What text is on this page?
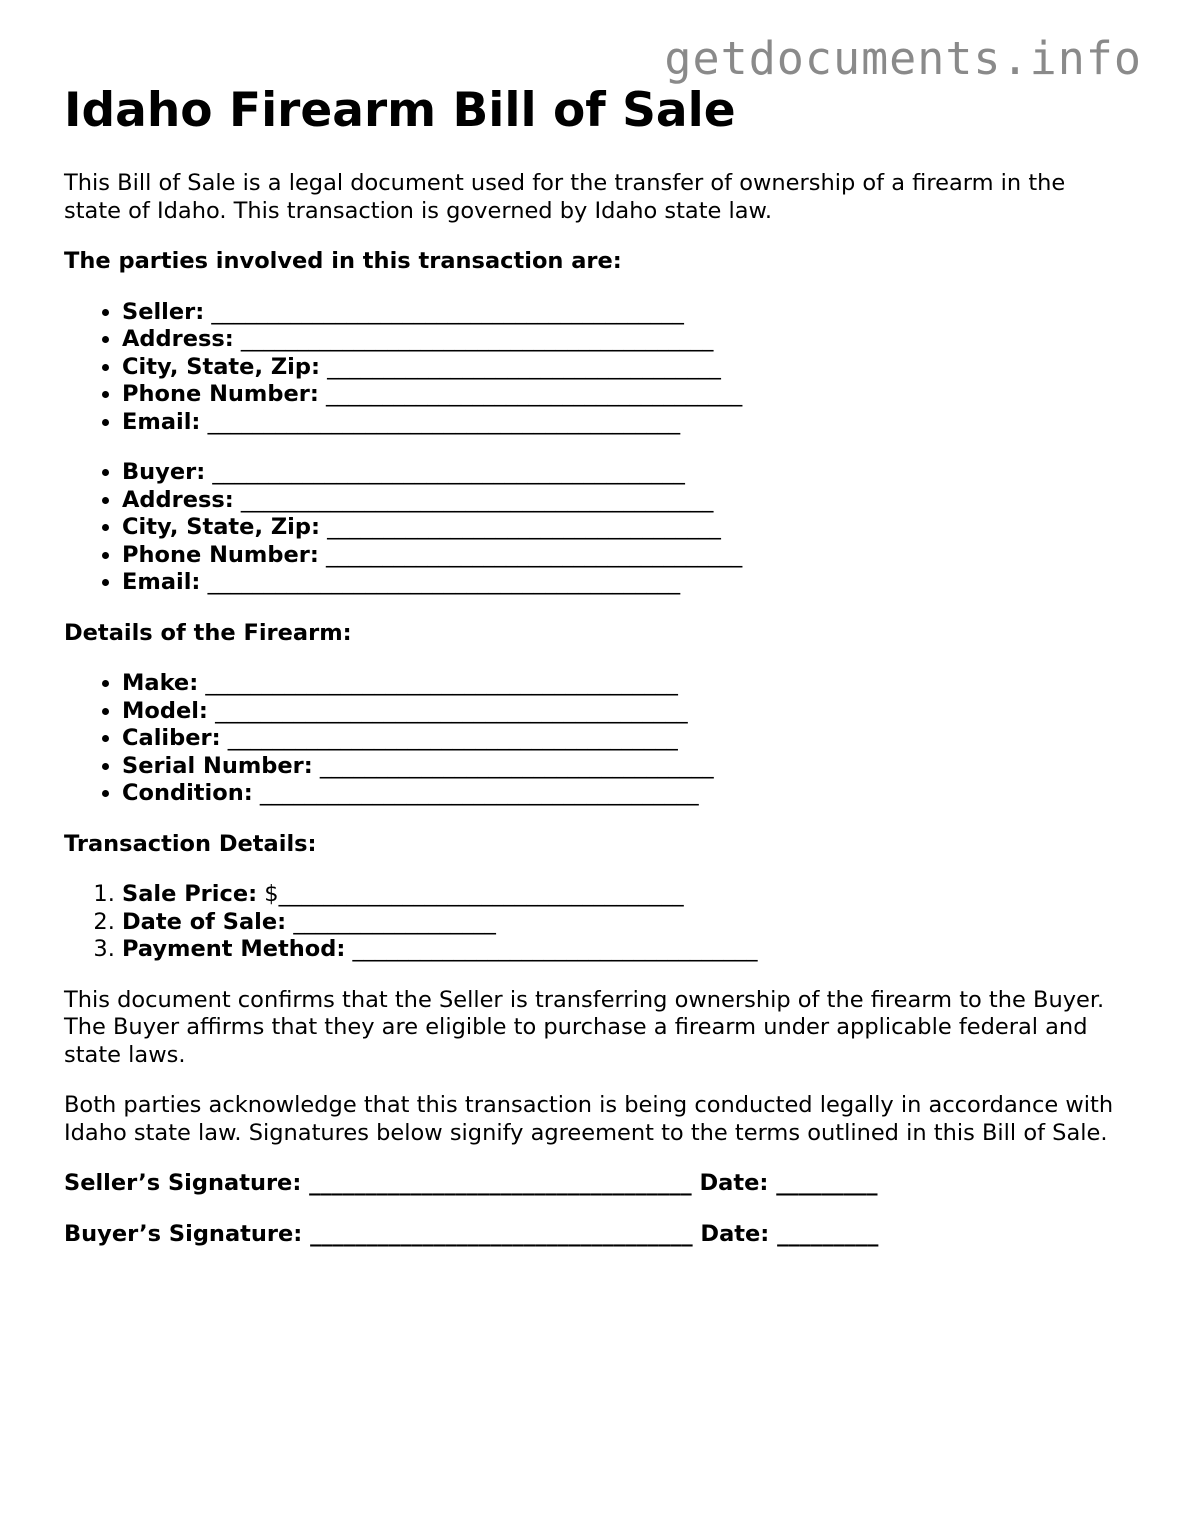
getdocuments.info
Idaho Firearm Bill of Sale

This Bill of Sale is a legal document used for the transfer of ownership of a firearm in the state of Idaho. This transaction is governed by Idaho state law.

The parties involved in this transaction are:

• Seller: __________________________________________
• Address: __________________________________________
• City, State, Zip: ___________________________________
• Phone Number: _____________________________________
• Email: __________________________________________
• Buyer: __________________________________________
• Address: __________________________________________
• City, State, Zip: ___________________________________
• Phone Number: _____________________________________
• Email: __________________________________________

Details of the Firearm:

• Make: __________________________________________
• Model: __________________________________________
• Caliber: ________________________________________
• Serial Number: ___________________________________
• Condition: _______________________________________

Transaction Details:

1. Sale Price: $____________________________________
2. Date of Sale: __________________
3. Payment Method: ____________________________________

This document confirms that the Seller is transferring ownership of the firearm to the Buyer. The Buyer affirms that they are eligible to purchase a firearm under applicable federal and state laws.

Both parties acknowledge that this transaction is being conducted legally in accordance with Idaho state law. Signatures below signify agreement to the terms outlined in this Bill of Sale.

Seller’s Signature: __________________________________ Date: _________

Buyer’s Signature: __________________________________ Date: _________
